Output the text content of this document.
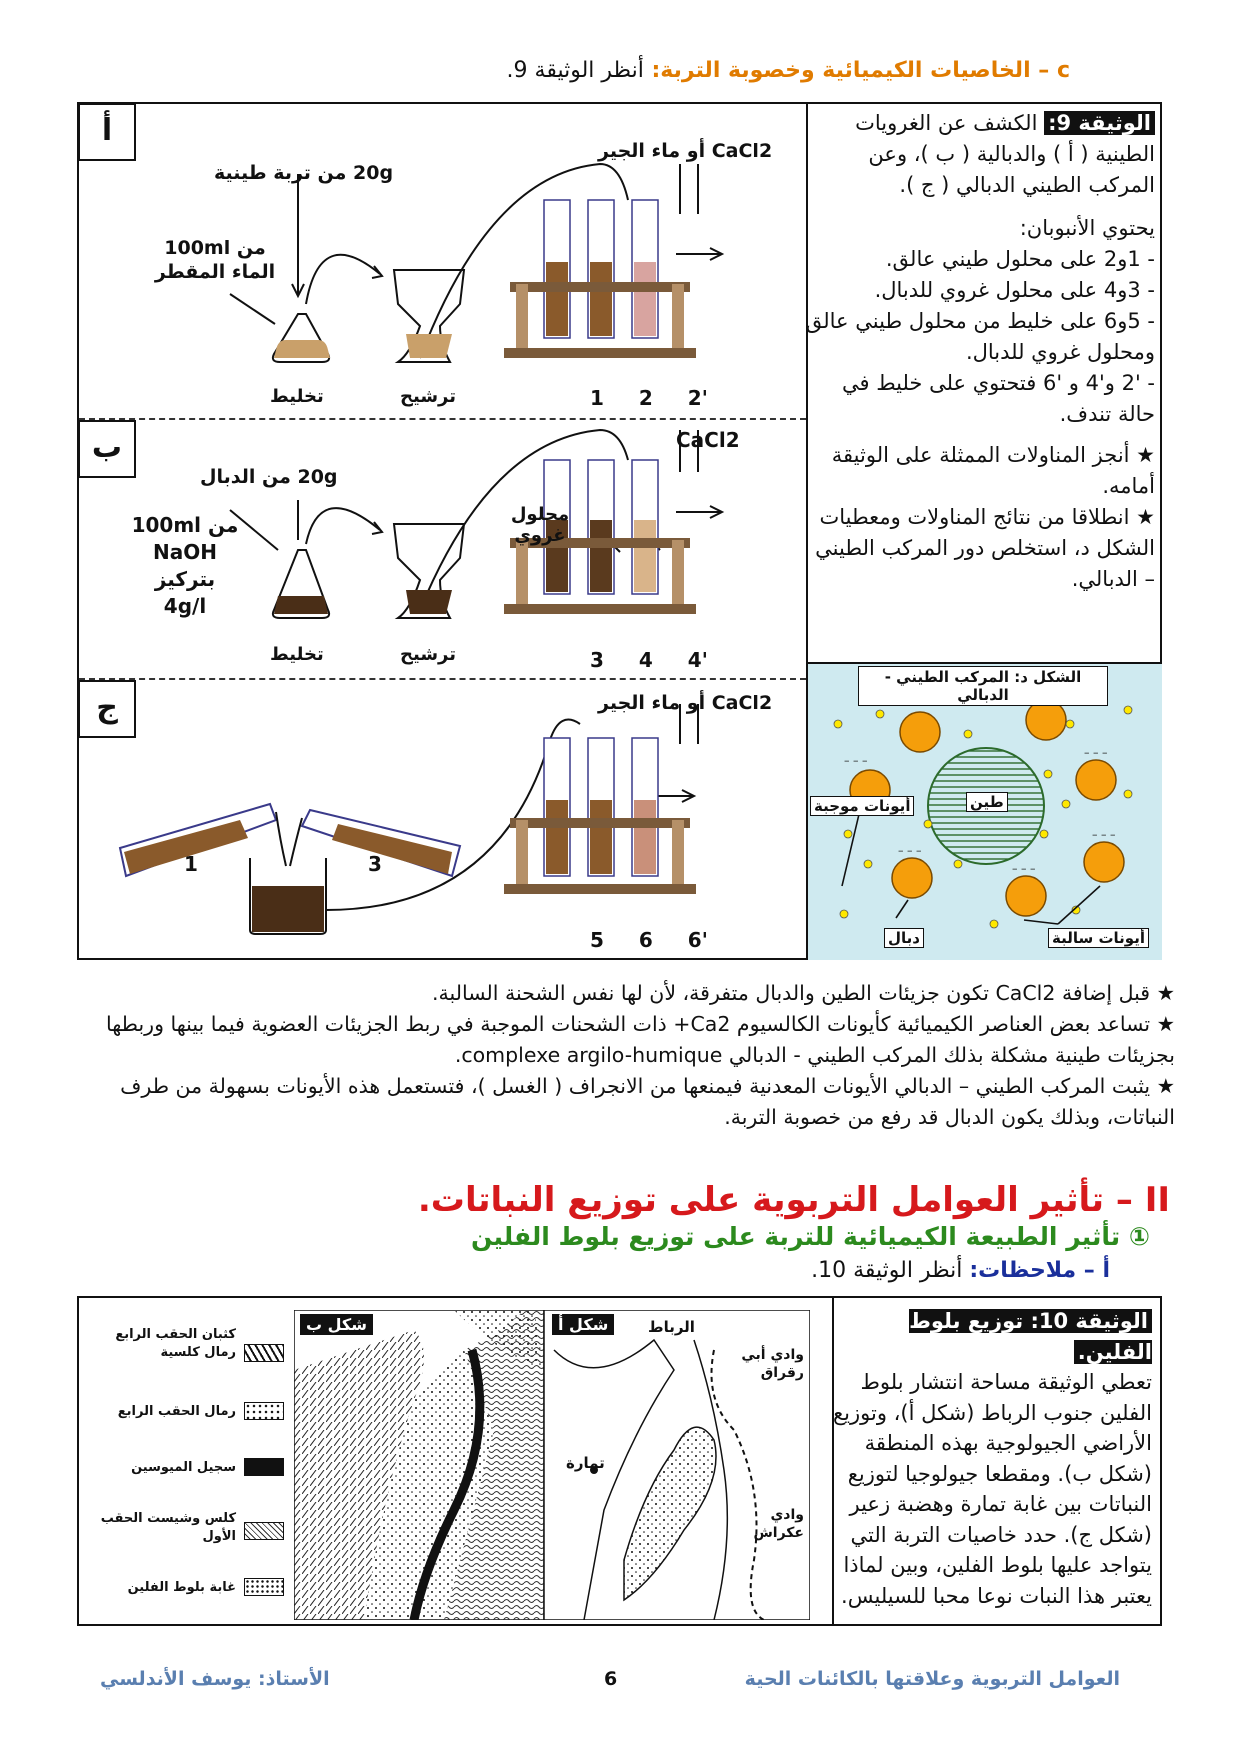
c – الخاصيات الكيميائية وخصوبة التربة: أنظر الوثيقة 9.
الوثيقة 9: الكشف عن الغرويات الطينية ( أ ) والدبالية ( ب )، وعن المركب الطيني الدبالي ( ج ).
يحتوي الأنبوبان:
- 1و2 على محلول طيني عالق.
- 3و4 على محلول غروي للدبال.
- 5و6 على خليط من محلول طيني عالق ومحلول غروي للدبال.
- '2 و'4 و '6 فتحتوي على خليط في حالة تندف.
★ أنجز المناولات الممثلة على الوثيقة أمامه.
★ انطلاقا من نتائج المناولات ومعطيات الشكل د، استخلص دور المركب الطيني – الدبالي.
– – –
– – –
– – –
– – –
– – –
الشكل د: المركب الطيني - الدبالي
طين
أيونات موجبة
أيونات سالبة
دبال
أ
20g من تربة طينية
100ml من
الماء المقطر
تخليط	ترشيح
أو ماء الجير CaCl2
1 2 2'
ب	CaCl2
20g من الدبال
100ml من
NaOH بتركيز
4g/l
محلول غروي
تخليط	ترشيح	3 4 4'
ج	أو ماء الجير CaCl2
1	3
5 6 6'
★ قبل إضافة CaCl2 تكون جزيئات الطين والدبال متفرقة، لأن لها نفس الشحنة السالبة.
★ تساعد بعض العناصر الكيميائية كأيونات الكالسيوم Ca2+ ذات الشحنات الموجبة في ربط الجزيئات العضوية فيما بينها وربطها بجزيئات طينية مشكلة بذلك المركب الطيني - الدبالي complexe argilo-humique.
★ يثبت المركب الطيني – الدبالي الأيونات المعدنية فيمنعها من الانجراف ( الغسل )، فتستعمل هذه الأيونات بسهولة من طرف النباتات، وبذلك يكون الدبال قد رفع من خصوبة التربة.
II – تأثير العوامل التربوية على توزيع النباتات.
① تأثير الطبيعة الكيميائية للتربة على توزيع بلوط الفلين
أ – ملاحظات: أنظر الوثيقة 10.
الوثيقة 10: توزيع بلوط الفلين.
تعطي الوثيقة مساحة انتشار بلوط الفلين جنوب الرباط (شكل أ)، وتوزيع الأراضي الجيولوجية بهذه المنطقة (شكل ب). ومقطعا جيولوجيا لتوزيع النباتات بين غابة تمارة وهضبة زعير (شكل ج). حدد خاصيات التربة التي يتواجد عليها بلوط الفلين، وبين لماذا يعتبر هذا النبات نوعا محبا للسيليس.
كثبان الحقب الرابع رمال كلسية
رمال الحقب الرابع
سجيل الميوسين
كلس وشيست الحقب الأول
غابة بلوط الفلين
شكل ب	شكل أ	الرباط
وادي أبي رقراق
تمارة
وادي عكراش
العوامل التربوية وعلاقتها بالكائنات الحية
6
الأستاذ: يوسف الأندلسي
